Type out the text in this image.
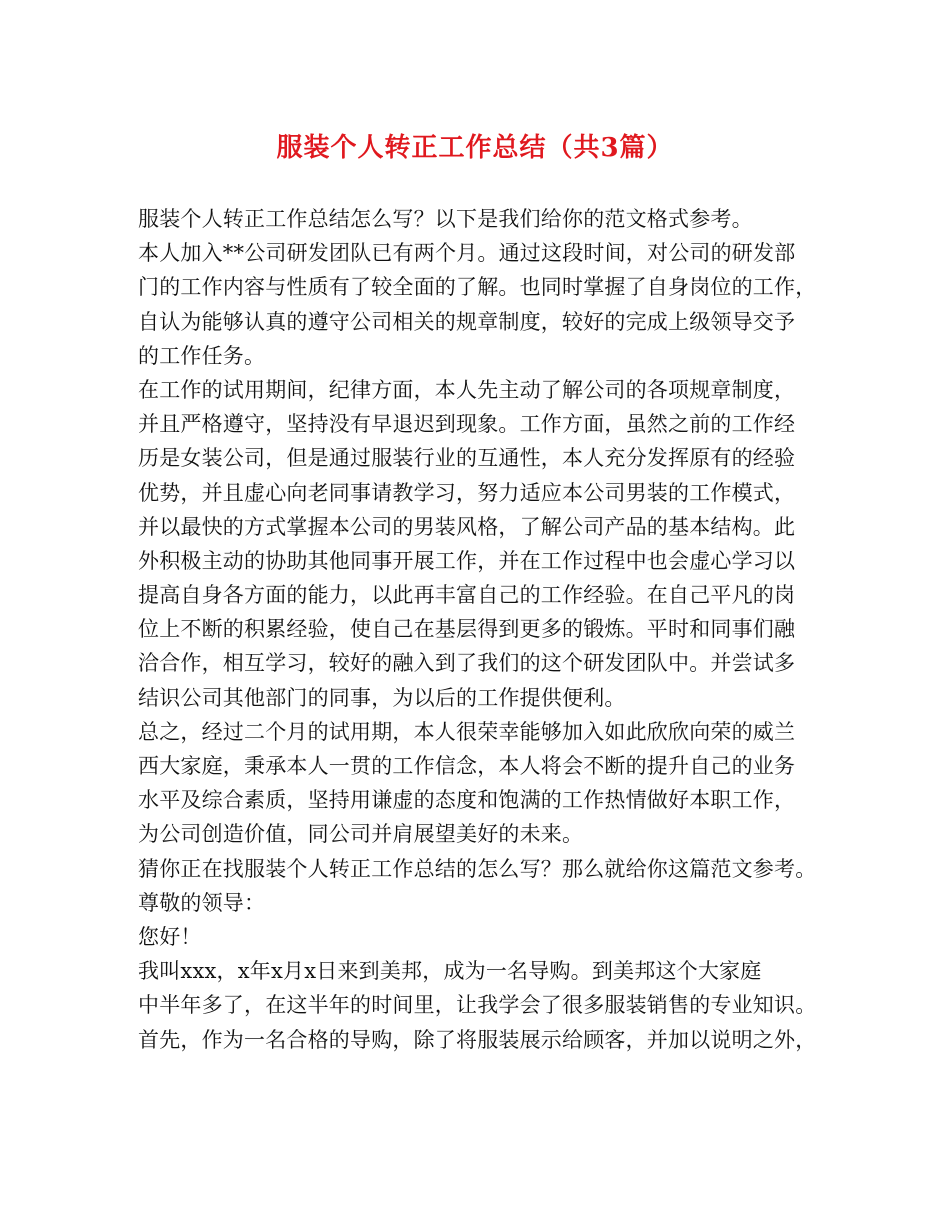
服装个人转正工作总结（共3篇）
服装个人转正工作总结怎么写？以下是我们给你的范文格式参考。
本人加入**公司研发团队已有两个月。通过这段时间，对公司的研发部
门的工作内容与性质有了较全面的了解。也同时掌握了自身岗位的工作，
自认为能够认真的遵守公司相关的规章制度，较好的完成上级领导交予
的工作任务。
在工作的试用期间，纪律方面，本人先主动了解公司的各项规章制度，
并且严格遵守，坚持没有早退迟到现象。工作方面，虽然之前的工作经
历是女装公司，但是通过服装行业的互通性，本人充分发挥原有的经验
优势，并且虚心向老同事请教学习，努力适应本公司男装的工作模式，
并以最快的方式掌握本公司的男装风格，了解公司产品的基本结构。此
外积极主动的协助其他同事开展工作，并在工作过程中也会虚心学习以
提高自身各方面的能力，以此再丰富自己的工作经验。在自己平凡的岗
位上不断的积累经验，使自己在基层得到更多的锻炼。平时和同事们融
洽合作，相互学习，较好的融入到了我们的这个研发团队中。并尝试多
结识公司其他部门的同事，为以后的工作提供便利。
总之，经过二个月的试用期，本人很荣幸能够加入如此欣欣向荣的威兰
西大家庭，秉承本人一贯的工作信念，本人将会不断的提升自己的业务
水平及综合素质，坚持用谦虚的态度和饱满的工作热情做好本职工作，
为公司创造价值，同公司并肩展望美好的未来。
猜你正在找服装个人转正工作总结的怎么写？那么就给你这篇范文参考。
尊敬的领导：
您好！
我叫xxx，x年x月x日来到美邦，成为一名导购。到美邦这个大家庭
中半年多了，在这半年的时间里，让我学会了很多服装销售的专业知识。
首先，作为一名合格的导购，除了将服装展示给顾客，并加以说明之外，
